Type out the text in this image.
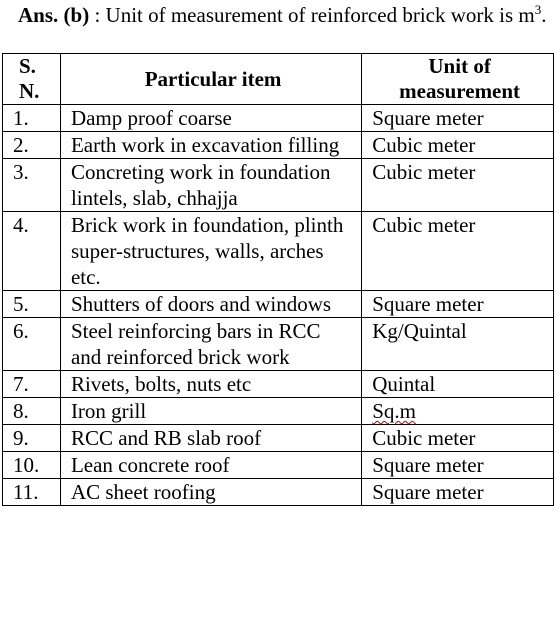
Ans. (b) : Unit of measurement of reinforced brick work is $m^3$.
S. N.	Particular item	Unit of measurement
1.	Damp proof coarse	Square meter
2.	Earth work in excavation filling	Cubic meter
3.	Concreting work in foundation lintels, slab, chhajja	Cubic meter
4.	Brick work in foundation, plinth super-structures, walls, arches etc.	Cubic meter
5.	Shutters of doors and windows	Square meter
6.	Steel reinforcing bars in RCC and reinforced brick work	Kg/Quintal
7.	Rivets, bolts, nuts etc	Quintal
8.	Iron grill	Sq.m
9.	RCC and RB slab roof	Cubic meter
10.	Lean concrete roof	Square meter
11.	AC sheet roofing	Square meter
